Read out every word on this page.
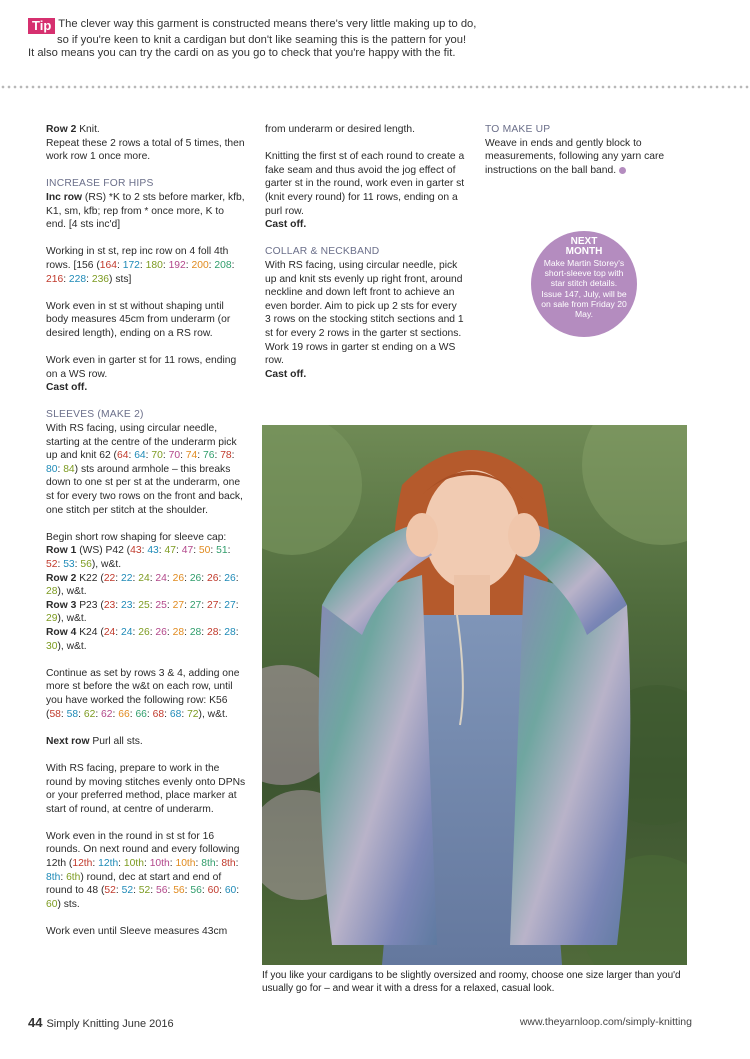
Tip The clever way this garment is constructed means there's very little making up to do,
so if you're keen to knit a cardigan but don't like seaming this is the pattern for you!
It also means you can try the cardi on as you go to check that you're happy with the fit.

Row 2 Knit.

Repeat these 2 rows a total of 5 times, then work row 1 once more.

INCREASE FOR HIPS
Inc row (RS) *K to 2 sts before marker, kfb, K1, sm, kfb; rep from * once more, K to end. [4 sts inc'd]

Working in st st, rep inc row on 4 foll 4th rows. [156 (164: 172: 180: 192: 200: 208: 216: 228: 236) sts]

Work even in st st without shaping until body measures 45cm from underarm (or desired length), ending on a RS row.

Work even in garter st for 11 rows, ending on a WS row.
Cast off.

SLEEVES (MAKE 2)
With RS facing, using circular needle, starting at the centre of the underarm pick up and knit 62 (64: 64: 70: 70: 74: 76: 78: 80: 84) sts around armhole – this breaks down to one st per st at the underarm, one st for every two rows on the front and back, one stitch per stitch at the shoulder.

Begin short row shaping for sleeve cap:
Row 1 (WS) P42 (43: 43: 47: 47: 50: 51: 52: 53: 56), w&t.
Row 2 K22 (22: 22: 24: 24: 26: 26: 26: 26: 28), w&t.
Row 3 P23 (23: 23: 25: 25: 27: 27: 27: 27: 29), w&t.
Row 4 K24 (24: 24: 26: 26: 28: 28: 28: 28: 30), w&t.

Continue as set by rows 3 & 4, adding one more st before the w&t on each row, until you have worked the following row: K56 (58: 58: 62: 62: 66: 66: 68: 68: 72), w&t.

Next row Purl all sts.

With RS facing, prepare to work in the round by moving stitches evenly onto DPNs or your preferred method, place marker at start of round, at centre of underarm.

Work even in the round in st st for 16 rounds. On next round and every following 12th (12th: 12th: 10th: 10th: 10th: 8th: 8th: 8th: 6th) round, dec at start and end of round to 48 (52: 52: 52: 56: 56: 56: 60: 60: 60) sts.

Work even until Sleeve measures 43cm

from underarm or desired length.

Knitting the first st of each round to create a fake seam and thus avoid the jog effect of garter st in the round, work even in garter st (knit every round) for 11 rows, ending on a purl row.
Cast off.

COLLAR & NECKBAND
With RS facing, using circular needle, pick up and knit sts evenly up right front, around neckline and down left front to achieve an even border. Aim to pick up 2 sts for every 3 rows on the stocking stitch sections and 1 st for every 2 rows in the garter st sections. Work 19 rows in garter st ending on a WS row.
Cast off.

TO MAKE UP
Weave in ends and gently block to measurements, following any yarn care instructions on the ball band.

NEXT
MONTH
Make Martin Storey's short-sleeve top with star stitch details. Issue 147, July, will be on sale from Friday 20 May.
If you like your cardigans to be slightly oversized and roomy, choose one size larger than you'd usually go for – and wear it with a dress for a relaxed, casual look.
44 Simply Knitting June 2016	www.theyarnloop.com/simply-knitting
